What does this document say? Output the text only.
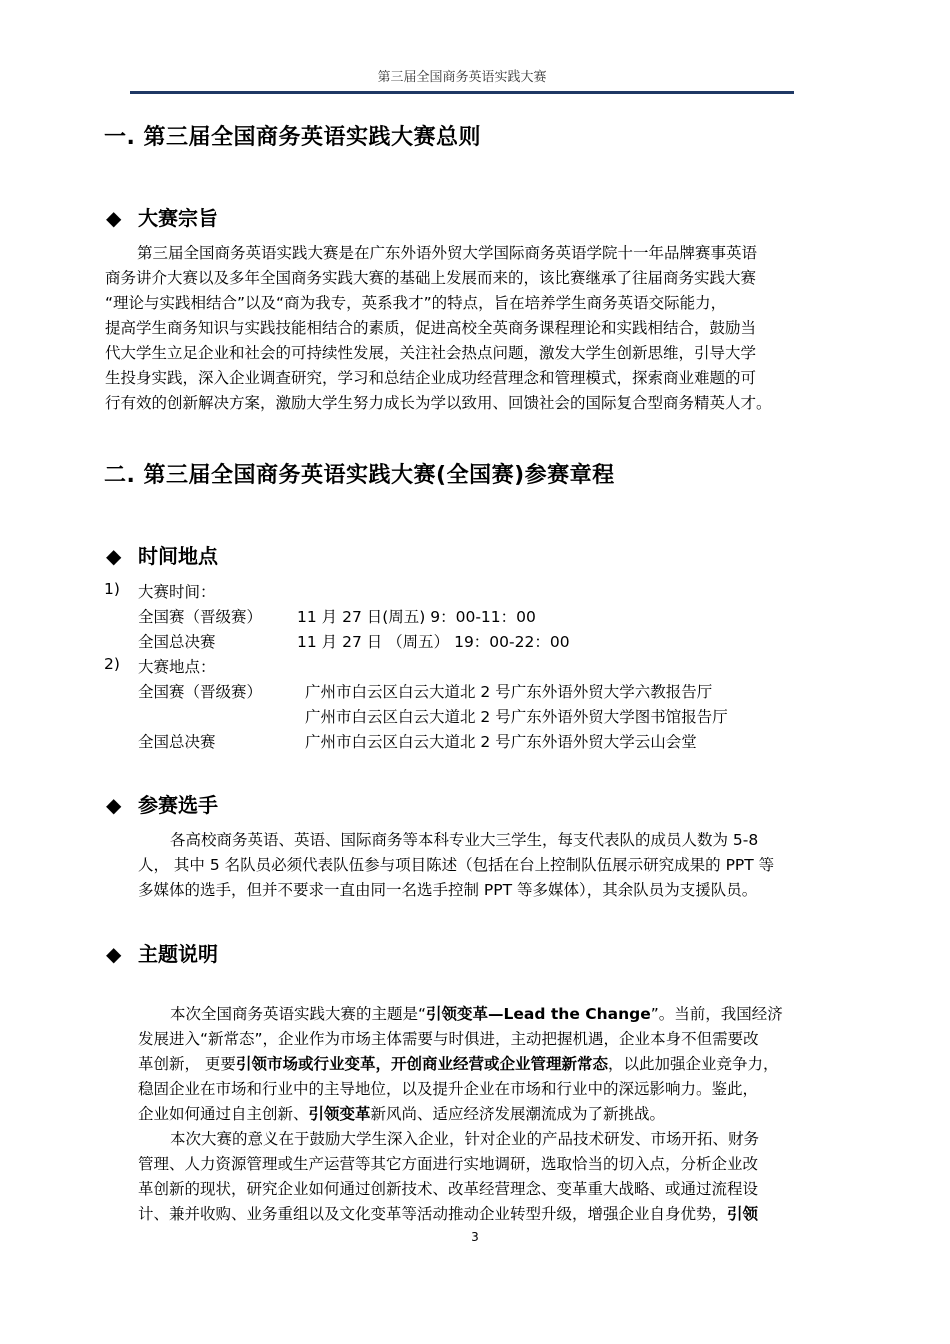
第三届全国商务英语实践大赛
一. 第三届全国商务英语实践大赛总则
◆ 大赛宗旨
第三届全国商务英语实践大赛是在广东外语外贸大学国际商务英语学院十一年品牌赛事英语
商务讲介大赛以及多年全国商务实践大赛的基础上发展而来的，该比赛继承了往届商务实践大赛
“理论与实践相结合”以及“商为我专，英系我才”的特点，旨在培养学生商务英语交际能力，
提高学生商务知识与实践技能相结合的素质，促进高校全英商务课程理论和实践相结合，鼓励当
代大学生立足企业和社会的可持续性发展，关注社会热点问题，激发大学生创新思维，引导大学
生投身实践，深入企业调查研究，学习和总结企业成功经营理念和管理模式，探索商业难题的可
行有效的创新解决方案，激励大学生努力成长为学以致用、回馈社会的国际复合型商务精英人才。
二. 第三届全国商务英语实践大赛(全国赛)参赛章程
◆ 时间地点
1) 大赛时间：
全国赛（晋级赛） 11 月 27 日(周五) 9：00-11：00
全国总决赛	11 月 27 日 （周五） 19：00-22：00
2) 大赛地点：
全国赛（晋级赛）	广州市白云区白云大道北 2 号广东外语外贸大学六教报告厅
广州市白云区白云大道北 2 号广东外语外贸大学图书馆报告厅
全国总决赛	广州市白云区白云大道北 2 号广东外语外贸大学云山会堂
◆ 参赛选手
各高校商务英语、英语、国际商务等本科专业大三学生，每支代表队的成员人数为 5-8
人， 其中 5 名队员必须代表队伍参与项目陈述（包括在台上控制队伍展示研究成果的 PPT 等
多媒体的选手，但并不要求一直由同一名选手控制 PPT 等多媒体），其余队员为支援队员。
◆ 主题说明
本次全国商务英语实践大赛的主题是“引领变革—Lead the Change”。当前，我国经济
发展进入“新常态”，企业作为市场主体需要与时俱进，主动把握机遇，企业本身不但需要改
革创新， 更要引领市场或行业变革，开创商业经营或企业管理新常态，以此加强企业竞争力，
稳固企业在市场和行业中的主导地位，以及提升企业在市场和行业中的深远影响力。鉴此，
企业如何通过自主创新、引领变革新风尚、适应经济发展潮流成为了新挑战。
本次大赛的意义在于鼓励大学生深入企业，针对企业的产品技术研发、市场开拓、财务
管理、人力资源管理或生产运营等其它方面进行实地调研，选取恰当的切入点，分析企业改
革创新的现状，研究企业如何通过创新技术、改革经营理念、变革重大战略、或通过流程设
计、兼并收购、业务重组以及文化变革等活动推动企业转型升级，增强企业自身优势，引领
3
